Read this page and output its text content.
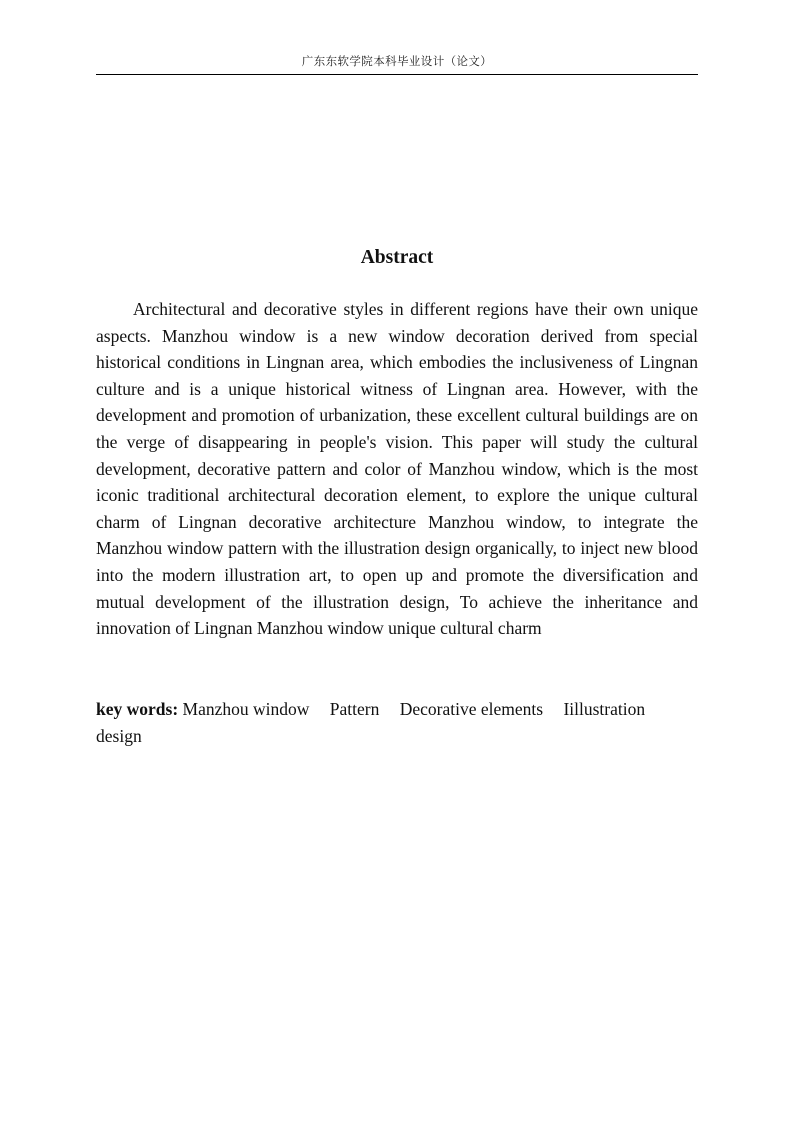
广东东软学院本科毕业设计（论文）
Abstract

Architectural and decorative styles in different regions have their own unique aspects. Manzhou window is a new window decoration derived from special historical conditions in Lingnan area, which embodies the inclusiveness of Lingnan culture and is a unique historical witness of Lingnan area. However, with the development and promotion of urbanization, these excellent cultural buildings are on the verge of disappearing in people's vision. This paper will study the cultural development, decorative pattern and color of Manzhou window, which is the most iconic traditional architectural decoration element, to explore the unique cultural charm of Lingnan decorative architecture Manzhou window, to integrate the Manzhou window pattern with the illustration design organically, to inject new blood into the modern illustration art, to open up and promote the diversification and mutual development of the illustration design, To achieve the inheritance and innovation of Lingnan Manzhou window unique cultural charm

key words: Manzhou window Pattern Decorative elements Iillustration design
